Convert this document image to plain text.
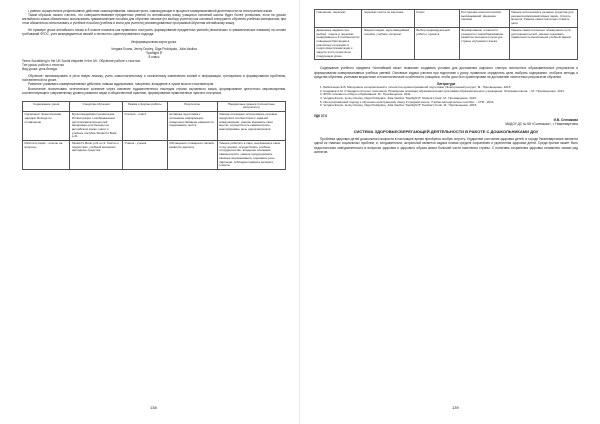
• умение осуществлять рефлексивное действие самооценивания, самоконтроля, самокоррекции в процессе коммуникативной деятельности на иностранном языке.

Таким образом, можно считать, что совершенствование предметных умений по английскому языку учащихся основной школы будет более успешным, если на уроках английского языка обязательно использовать грамматические пособия для обучения лексике (по выбору учителя) как основной инструмент обучения учебным материалам, при этом обязательно использовать и учебные пособия (учебник и книги для учителя) рекомендованные программой обучения английскому языку.

Не примере урока английского языка в 8 классе показать как правильно построить формирование предметных умений (лексических и грамматических навыков) на основе требований ФГОС, учет межпредметных связей и личностно-ориентированного подхода.

Информационная карта урока.

Vergara Evans, Jenny Dooley, Olga Podolyako, Julia Vaulina

"Spotlight 8"

8 класс

Teens Socializing in the UK Social etiquette in the UK. Обучение работе с текстом.

Тип урока: работа с текстом.

Вид урока: урок-беседа.

Обучение: активизировать в речи новую лексику, учить самостоятельному и осознанному извлечению знаний и информации, тренировать в формировании проблемы, поставленной на уроке.

Развитие: развивать коммуникативные действия, навыки аудирования, говорения, вхождение в чужие мысли и мотиваторов.

Воспитание: воспитывать эстетическое сознание через освоение художественного наследия страны изучаемого языка, формирование целостного мировоззрения, соответствующего современному уровню развития науки и общественной практики, формирование нравственных чувств и поступков.

Содержание урока	Средства обучения	Режим и формы работы	Результаты	Предметные умения (личностные результаты)
Оргмомент. Фонетическая зарядка, Беседа по оглавлению	Мультимедийная презентация. Иллюстрации с изображением достопримечательностей, материалы для беседы на английском языке; книги и учебное пособие Student's Book p.21	Учитель - класс	Активная подготовка к осознанию информации, совершенствование навыков по содержанию текста	Умение осознанно использовать речевые средства в соответствии с задачей коммуникации, умение выражать свои мысли, осуществлять самоконтроль, анализировать речь одноклассников
Работа в парах - ответы на вопросы	Student's Book p.21 ex.3. Тексты о подростках, учебный материал, наглядные средства	Ученик - ученик	Обогащение словарного запаса, развитие диалога	Умение работать в паре, высказывать свою точку зрения, осуществлять учебное сотрудничество, владение основами самоконтроля, умение продуцировать связные высказывания, оценивать речь партнера, соблюдая правила речевого этикета
138
Говорение, пересказ	пересказ текста по картинке	Класс	Построение монологических высказываний, введение лексики	Умение использовать речевые средства для решения коммуникативных задач, строить монолог. Умение самостоятельно ставить цели
Домашнее задание (на выбор): чтение и пересказ информации о 6 особенностях поведения британцев в различных ситуациях и подготовка презентации к защите этого проекта на следующем уроке	Энциклопедии, мультимедийная техника, учебник, интернет	Выбор индивидуальной работы, проекта	Формирование готовности учащихся к самообразованию, развитие интереса к культуре страны изучаемого языка	Умение самостоятельно планировать пути достижения целей, умение оценивать правильность выполнения учебной задачи

Содержание учебного предмета «Английский язык» позволяет создавать условия для достижения широкого спектра личностных образовательных результатов и формирования коммуникативных учебных умений. Основные задачи учителя при подготовке к уроку: правильно определить цели, выбрать содержание, отобрать методы и средства обучения, учитывая возрастные и психологические особенности учащихся, чтобы урок был ориентирован на достижение личностных результатов обучения.

Литература

1. Баблаченко Е.В. Материалы интерактивной и личностно-ориентированной подготовки (Электронный ресурс). М.: Просвещение, 2015.

2. Кондаков А.М. Стандарты второго поколения. Примерная основная образовательная программа образовательного учреждения. Основная школа. – М.: Просвещение, 2011.

3. ФГОС основного общего образования. М.: Просвещение, 2011.

4. Vergara Evans, Jenny Dooley, Olga Podolyako, Julia Vaulina "Spotlight 8" Student's book. М.: Просвещение, 2015.

5. Интегрированный подход к обучению иностранному языку в средней школе. Учебно-методическое пособие. – СПб., 2014.

6. Vergara Evans, Jenny Dooley, Olga Podolyako, Julia Vaulina "Spotlight 8" Teacher's book. М.: Просвещение, 2015.

УДК 37.0

И.В. Сенникова

МАДОУ ДС № 68 «Солнышко», г. Нижневартовск

СИСТЕМА ЗДОРОВЬЕСБЕРЕГАЮЩЕЙ ДЕЯТЕЛЬНОСТИ В РАБОТЕ С ДОШКОЛЬНИКАМИ ДОУ

Проблема здоровья детей дошкольного возраста в настоящее время приобрела особую остроту. Ухудшение состояния здоровья детей, в городе Нижневартовске является одной из главных социальных проблем, и, следовательно, актуальной является задача поиска средств сохранения и укрепления здоровья детей. Среди причин может быть недостаточная осведомленность в вопросах здоровья и здорового образа жизни большей части населения страны. С понятием сохранения здоровья неизменно связан ряд аспектов.

139
